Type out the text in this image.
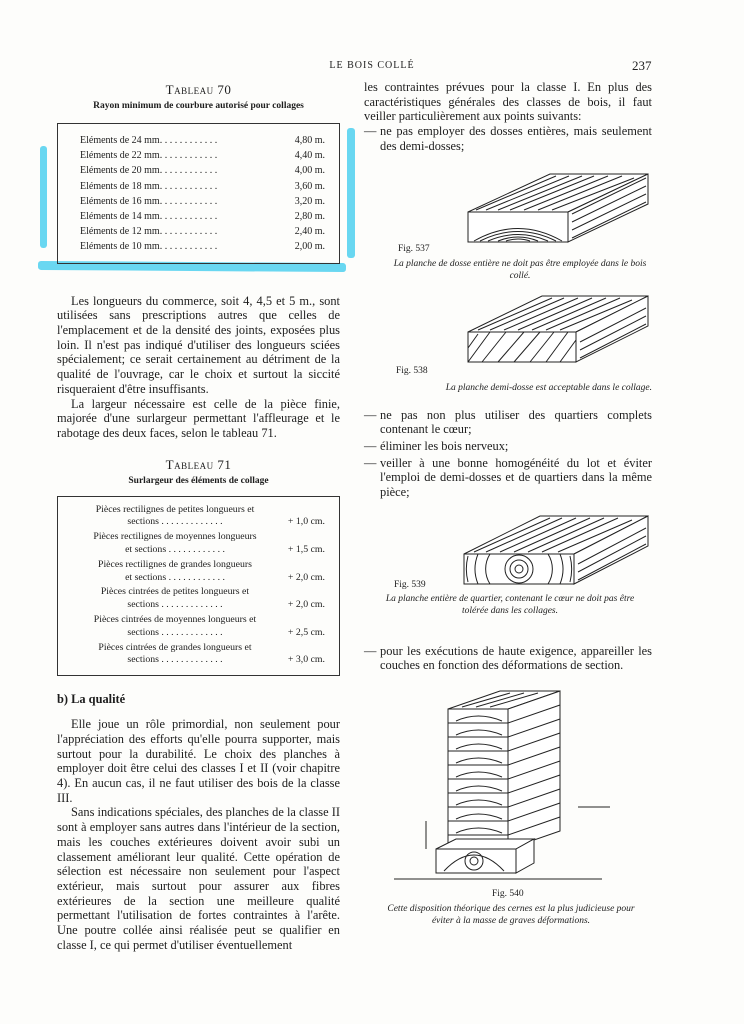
LE BOIS COLLÉ	237
Tableau 70
Rayon minimum de courbure autorisé pour collages
Eléments de 24 mm. . . . . . . . . . . .	4,80 m.
Eléments de 22 mm. . . . . . . . . . . .	4,40 m.
Eléments de 20 mm. . . . . . . . . . . .	4,00 m.
Eléments de 18 mm. . . . . . . . . . . .	3,60 m.
Eléments de 16 mm. . . . . . . . . . . .	3,20 m.
Eléments de 14 mm. . . . . . . . . . . .	2,80 m.
Eléments de 12 mm. . . . . . . . . . . .	2,40 m.
Eléments de 10 mm. . . . . . . . . . . .	2,00 m.

Les longueurs du commerce, soit 4, 4,5 et 5 m., sont utilisées sans prescriptions autres que celles de l'emplacement et de la densité des joints, exposées plus loin. Il n'est pas indiqué d'utiliser des longueurs sciées spécialement; ce serait certainement au détriment de la qualité de l'ouvrage, car le choix et surtout la siccité risqueraient d'être insuffisants.

La largeur nécessaire est celle de la pièce finie, majorée d'une surlargeur permettant l'affleurage et le rabotage des deux faces, selon le tableau 71.

Tableau 71
Surlargeur des éléments de collage
Pièces rectilignes de petites longueurs et
sections . . . . . . . . . . . . .	+ 1,0 cm.
Pièces rectilignes de moyennes longueurs
et sections . . . . . . . . . . . .	+ 1,5 cm.
Pièces rectilignes de grandes longueurs
et sections . . . . . . . . . . . .	+ 2,0 cm.
Pièces cintrées de petites longueurs et
sections . . . . . . . . . . . . .	+ 2,0 cm.
Pièces cintrées de moyennes longueurs et
sections . . . . . . . . . . . . .	+ 2,5 cm.
Pièces cintrées de grandes longueurs et
sections . . . . . . . . . . . . .	+ 3,0 cm.
b) La qualité

Elle joue un rôle primordial, non seulement pour l'appréciation des efforts qu'elle pourra supporter, mais surtout pour la durabilité. Le choix des planches à employer doit être celui des classes I et II (voir chapitre 4). En aucun cas, il ne faut utiliser des bois de la classe III.

Sans indications spéciales, des planches de la classe II sont à employer sans autres dans l'intérieur de la section, mais les couches extérieures doivent avoir subi un classement améliorant leur qualité. Cette opération de sélection est nécessaire non seulement pour l'aspect extérieur, mais surtout pour assurer aux fibres extérieures de la section une meilleure qualité permettant l'utilisation de fortes contraintes à l'arête. Une poutre collée ainsi réalisée peut se qualifier en classe I, ce qui permet d'utiliser éventuellement

les contraintes prévues pour la classe I. En plus des caractéristiques générales des classes de bois, il faut veiller particulièrement aux points suivants:

— ne pas employer des dosses entières, mais seulement des demi-dosses;
Fig. 537
La planche de dosse entière ne doit pas être employée dans le bois collé.
Fig. 538
La planche demi-dosse est acceptable dans le collage.
— ne pas non plus utiliser des quartiers complets contenant le cœur;
— éliminer les bois nerveux;
— veiller à une bonne homogénéité du lot et éviter l'emploi de demi-dosses et de quartiers dans la même pièce;
Fig. 539
La planche entière de quartier, contenant le cœur ne doit pas être tolérée dans les collages.
— pour les exécutions de haute exigence, appareiller les couches en fonction des déformations de section.
Fig. 540
Cette disposition théorique des cernes est la plus judicieuse pour éviter à la masse de graves déformations.
